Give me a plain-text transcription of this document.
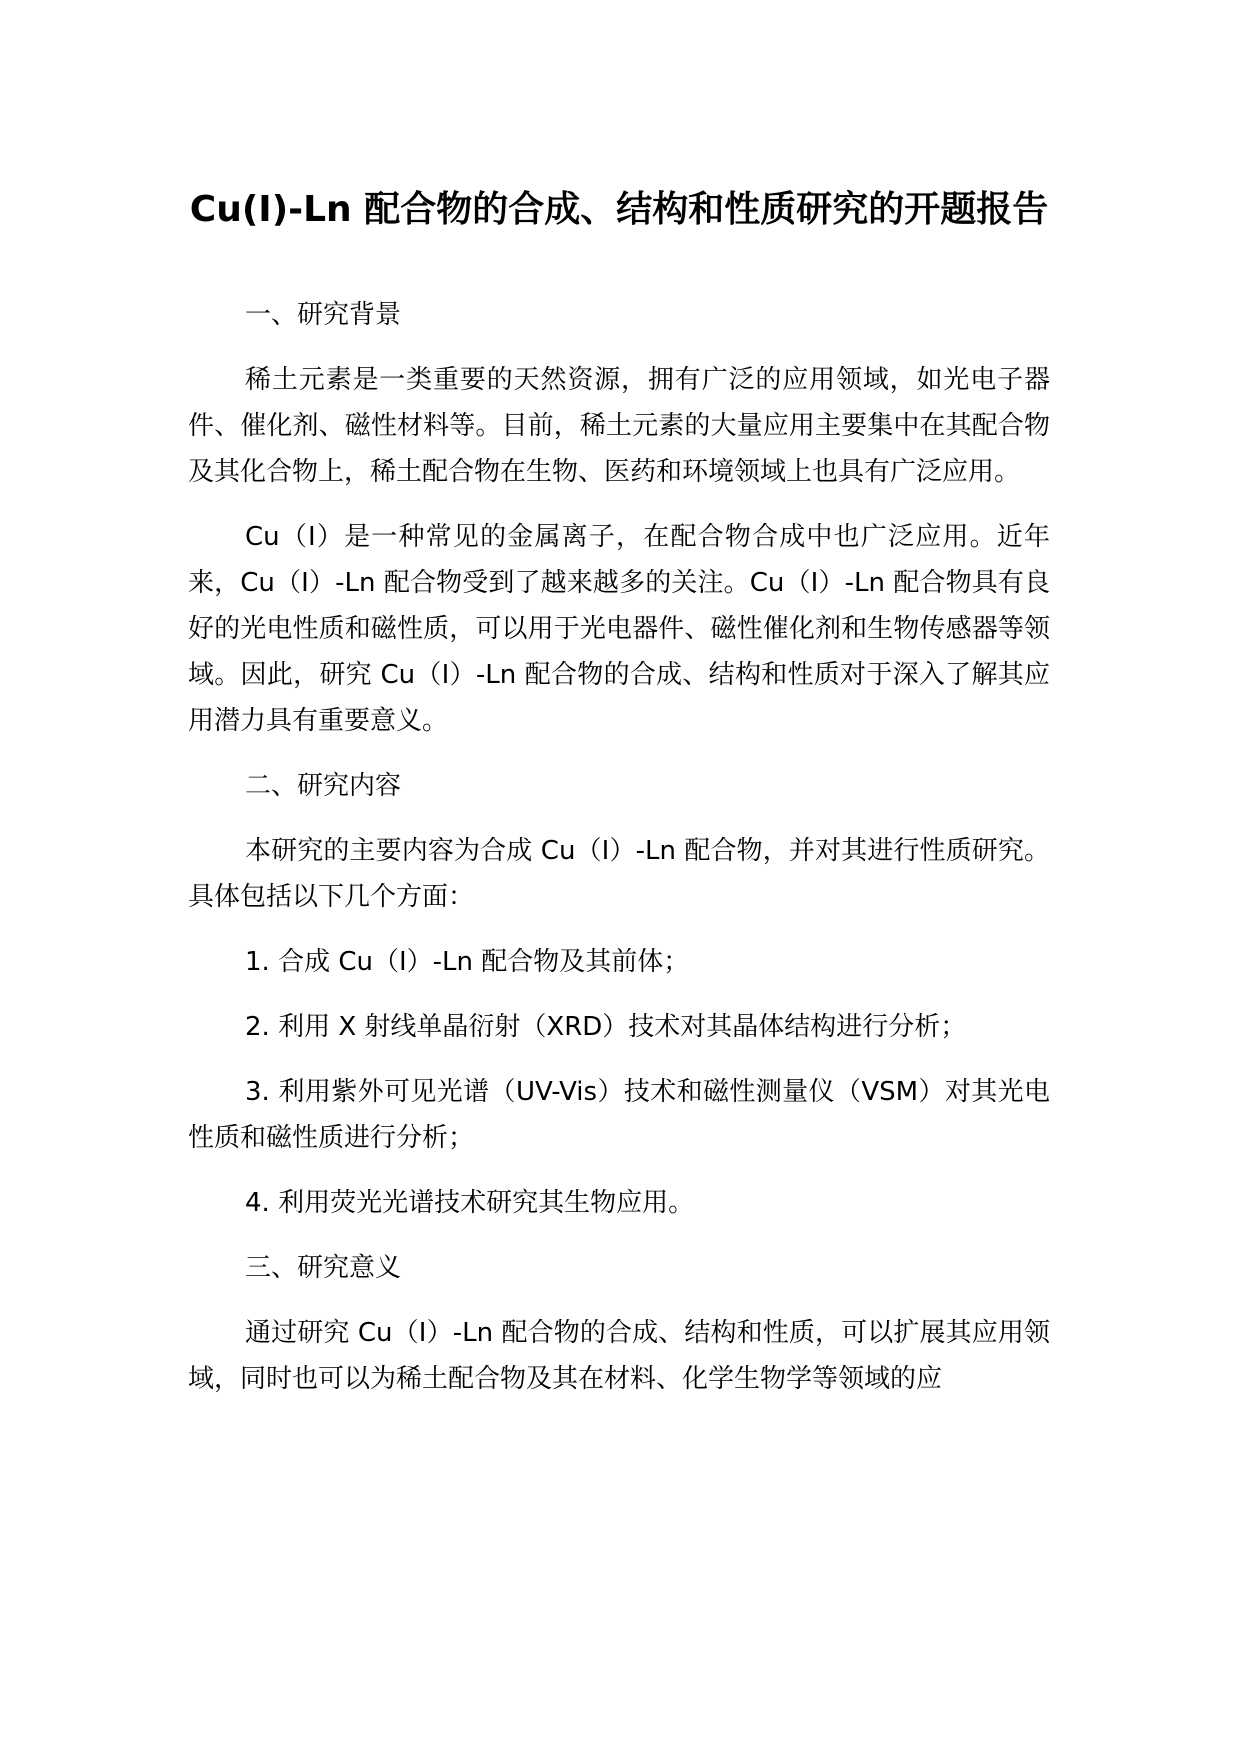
Cu(Ⅰ)-Ln 配合物的合成、结构和性质研究的开题报告

一、研究背景

稀土元素是一类重要的天然资源，拥有广泛的应用领域，如光电子器件、催化剂、磁性材料等。目前，稀土元素的大量应用主要集中在其配合物及其化合物上，稀土配合物在生物、医药和环境领域上也具有广泛应用。

Cu（Ⅰ）是一种常见的金属离子，在配合物合成中也广泛应用。近年来，Cu（Ⅰ）-Ln 配合物受到了越来越多的关注。Cu（Ⅰ）-Ln 配合物具有良好的光电性质和磁性质，可以用于光电器件、磁性催化剂和生物传感器等领域。因此，研究 Cu（Ⅰ）-Ln 配合物的合成、结构和性质对于深入了解其应用潜力具有重要意义。

二、研究内容

本研究的主要内容为合成 Cu（Ⅰ）-Ln 配合物，并对其进行性质研究。具体包括以下几个方面：

1. 合成 Cu（Ⅰ）-Ln 配合物及其前体；

2. 利用 X 射线单晶衍射（XRD）技术对其晶体结构进行分析；

3. 利用紫外可见光谱（UV-Vis）技术和磁性测量仪（VSM）对其光电性质和磁性质进行分析；

4. 利用荧光光谱技术研究其生物应用。

三、研究意义

通过研究 Cu（Ⅰ）-Ln 配合物的合成、结构和性质，可以扩展其应用领域，同时也可以为稀土配合物及其在材料、化学生物学等领域的应
